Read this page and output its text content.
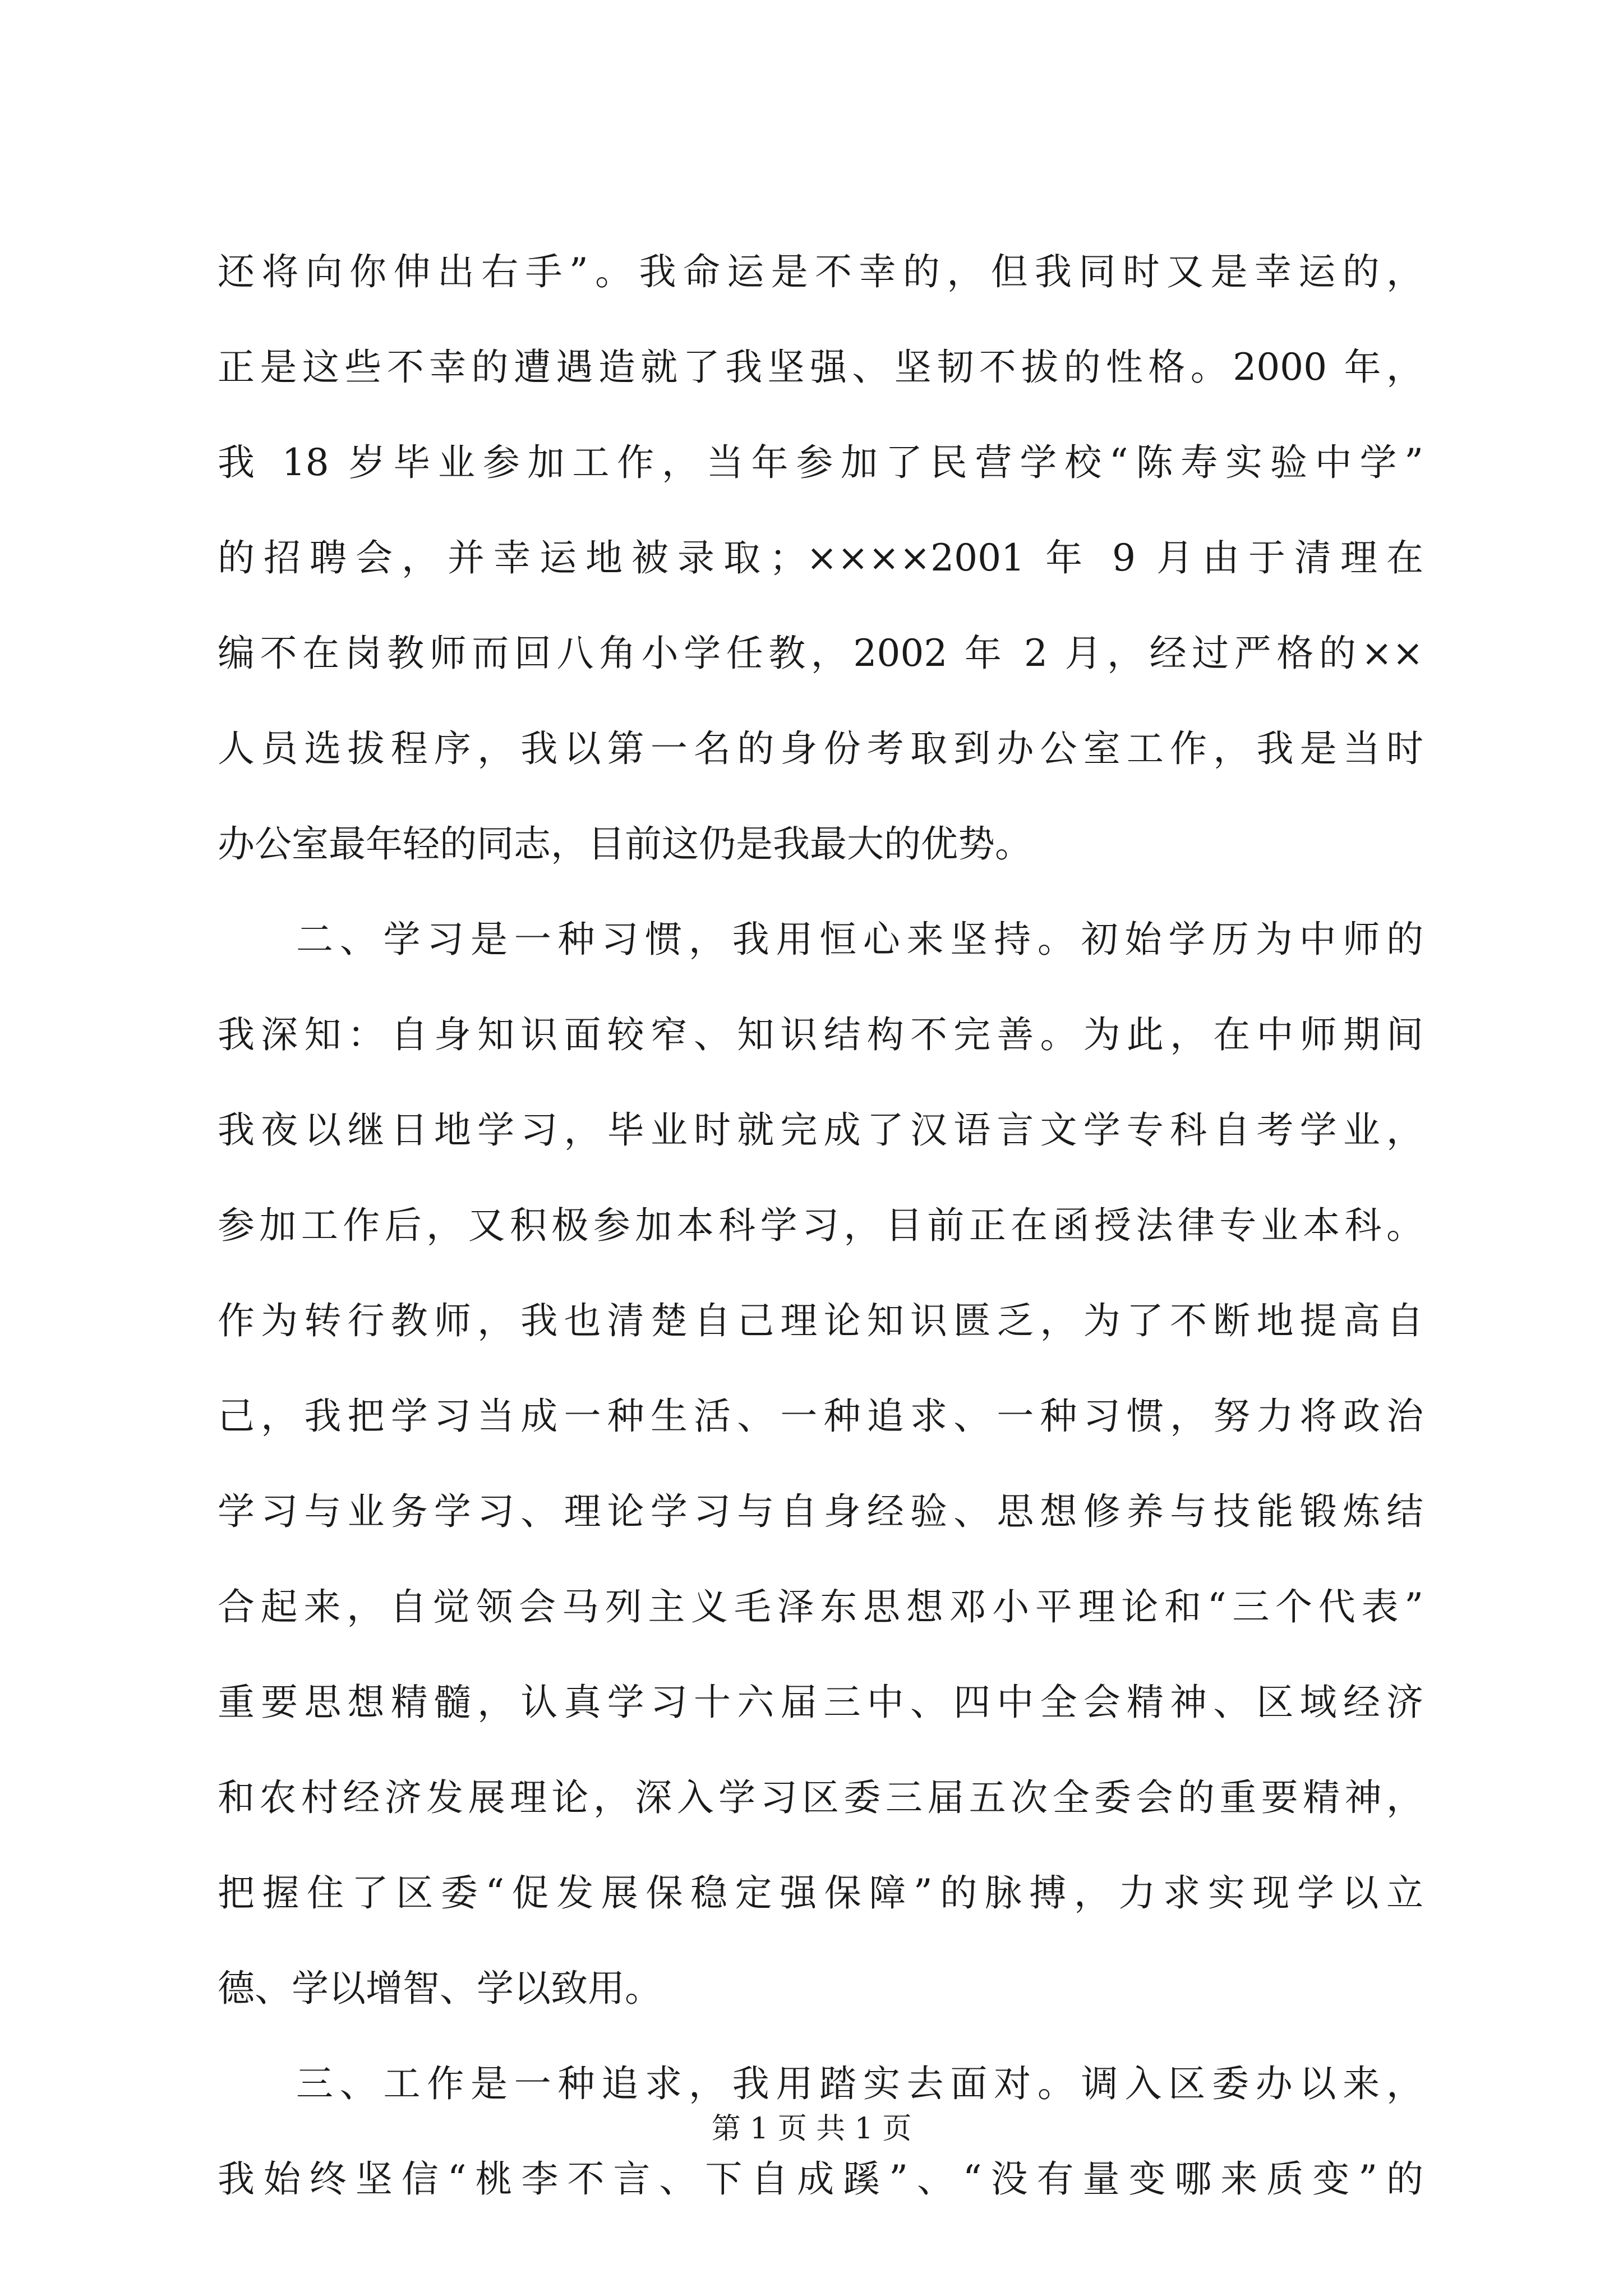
还将向你伸出右手”。我命运是不幸的，但我同时又是幸运的，
正是这些不幸的遭遇造就了我坚强、坚韧不拔的性格。2000 年，
我 18 岁毕业参加工作，当年参加了民营学校“陈寿实验中学”
的招聘会，并幸运地被录取；××××2001 年 9 月由于清理在
编不在岗教师而回八角小学任教，2002 年 2 月，经过严格的××
人员选拔程序，我以第一名的身份考取到办公室工作，我是当时
办公室最年轻的同志，目前这仍是我最大的优势。
二、学习是一种习惯，我用恒心来坚持。初始学历为中师的
我深知：自身知识面较窄、知识结构不完善。为此，在中师期间
我夜以继日地学习，毕业时就完成了汉语言文学专科自考学业，
参加工作后，又积极参加本科学习，目前正在函授法律专业本科。
作为转行教师，我也清楚自己理论知识匮乏，为了不断地提高自
己，我把学习当成一种生活、一种追求、一种习惯，努力将政治
学习与业务学习、理论学习与自身经验、思想修养与技能锻炼结
合起来，自觉领会马列主义毛泽东思想邓小平理论和“三个代表”
重要思想精髓，认真学习十六届三中、四中全会精神、区域经济
和农村经济发展理论，深入学习区委三届五次全委会的重要精神，
把握住了区委“促发展保稳定强保障”的脉搏，力求实现学以立
德、学以增智、学以致用。
三、工作是一种追求，我用踏实去面对。调入区委办以来，
我始终坚信“桃李不言、下自成蹊”、“没有量变哪来质变”的
第 1 页 共 1 页
